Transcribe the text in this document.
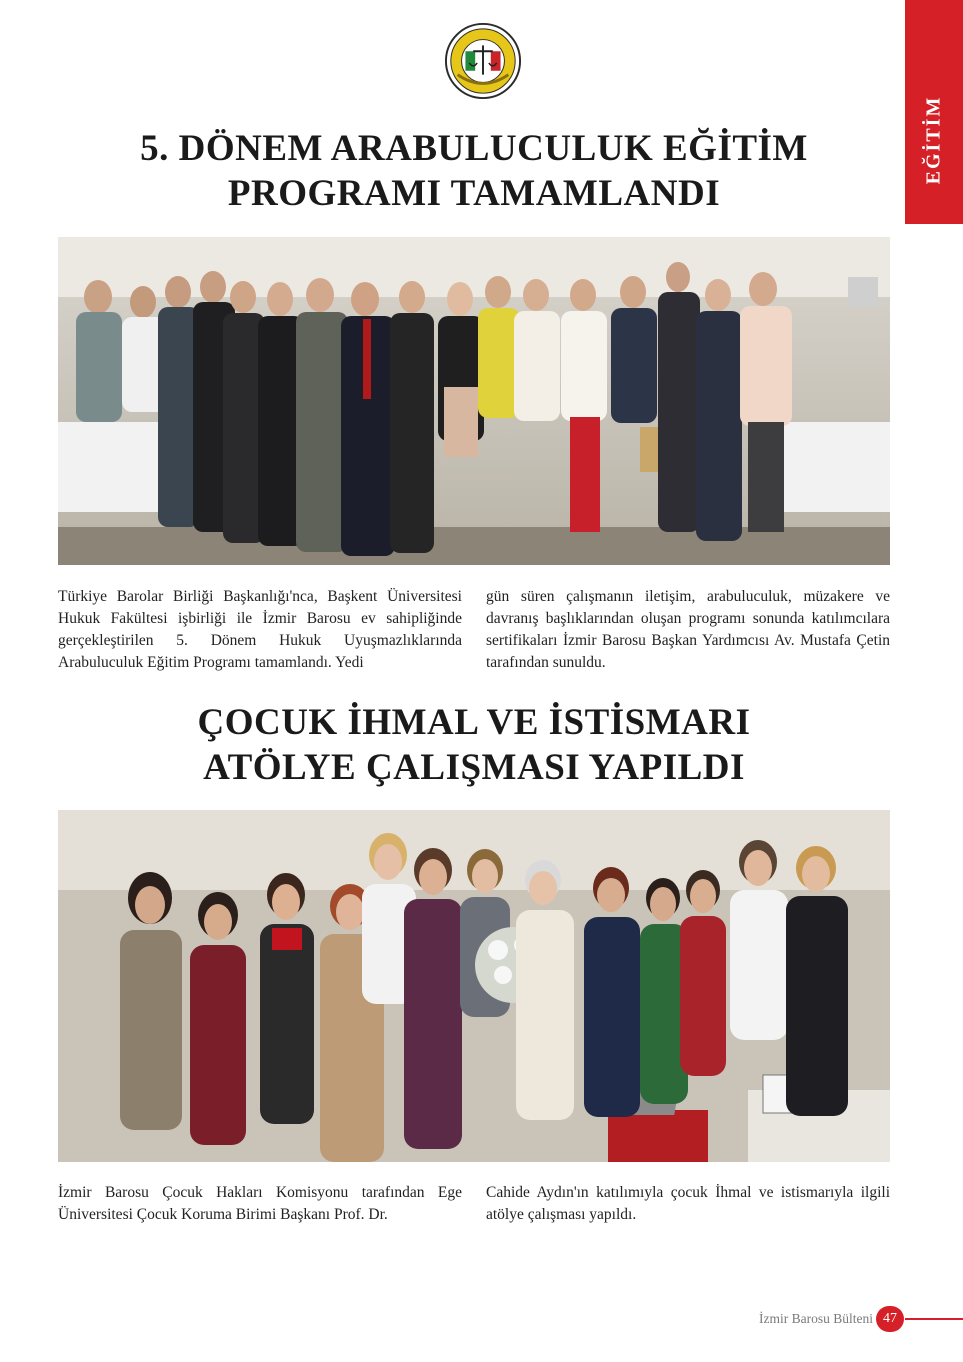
EĞİTİM
5. DÖNEM ARABULUCULUK EĞİTİM
PROGRAMI TAMAMLANDI

Türkiye Barolar Birliği Başkanlığı'nca, Başkent Üniversitesi Hukuk Fakültesi işbirliği ile İzmir Barosu ev sahipliğinde gerçekleştirilen 5. Dönem Hukuk Uyuşmazlıklarında Arabuluculuk Eğitim Programı tamamlandı. Yedi

gün süren çalışmanın iletişim, arabuluculuk, müzakere ve davranış başlıklarından oluşan programı sonunda katılımcılara sertifikaları İzmir Barosu Başkan Yardımcısı Av. Mustafa Çetin tarafından sunuldu.

ÇOCUK İHMAL VE İSTİSMARI
ATÖLYE ÇALIŞMASI YAPILDI

İzmir Barosu Çocuk Hakları Komisyonu tarafından Ege Üniversitesi Çocuk Koruma Birimi Başkanı Prof. Dr.

Cahide Aydın'ın katılımıyla çocuk İhmal ve istismarıyla ilgili atölye çalışması yapıldı.

İzmir Barosu Bülteni 47
